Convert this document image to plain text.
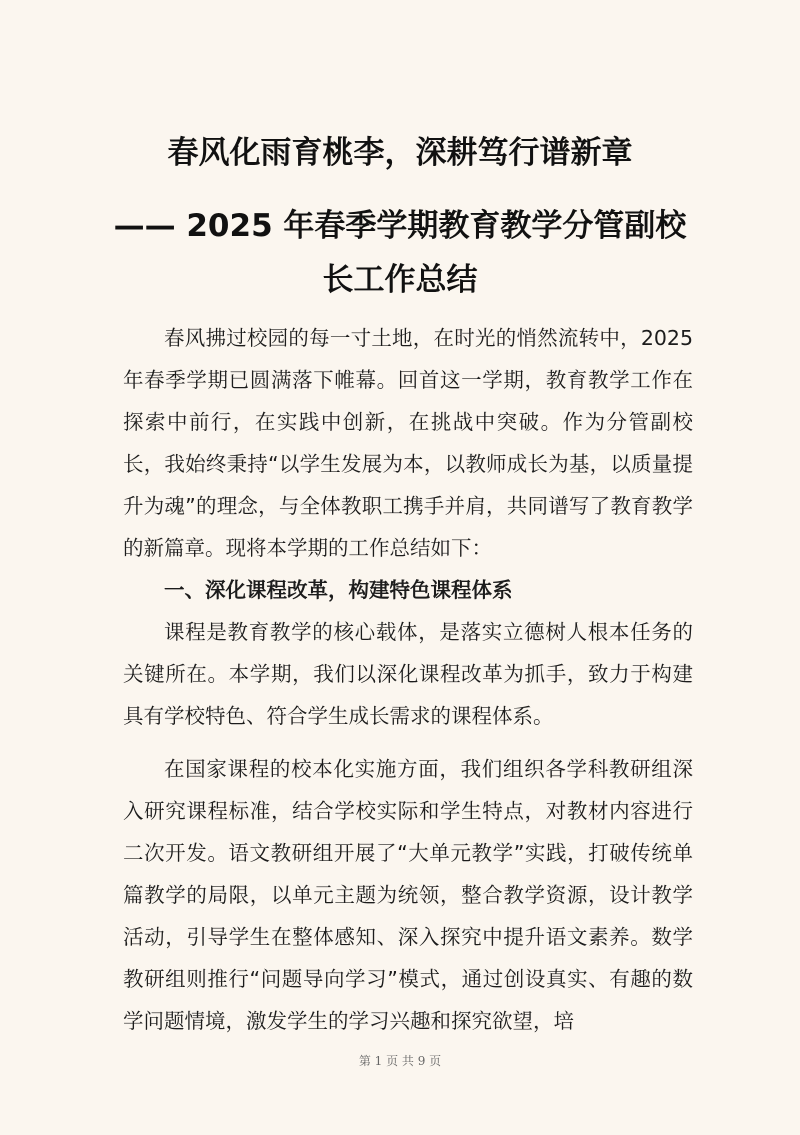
春风化雨育桃李，深耕笃行谱新章
—— 2025 年春季学期教育教学分管副校
长工作总结

春风拂过校园的每一寸土地，在时光的悄然流转中，2025 年春季学期已圆满落下帷幕。回首这一学期，教育教学工作在探索中前行，在实践中创新，在挑战中突破。作为分管副校长，我始终秉持“以学生发展为本，以教师成长为基，以质量提升为魂”的理念，与全体教职工携手并肩，共同谱写了教育教学的新篇章。现将本学期的工作总结如下：

一、深化课程改革，构建特色课程体系

课程是教育教学的核心载体，是落实立德树人根本任务的关键所在。本学期，我们以深化课程改革为抓手，致力于构建具有学校特色、符合学生成长需求的课程体系。

在国家课程的校本化实施方面，我们组织各学科教研组深入研究课程标准，结合学校实际和学生特点，对教材内容进行二次开发。语文教研组开展了“大单元教学”实践，打破传统单篇教学的局限，以单元主题为统领，整合教学资源，设计教学活动，引导学生在整体感知、深入探究中提升语文素养。数学教研组则推行“问题导向学习”模式，通过创设真实、有趣的数学问题情境，激发学生的学习兴趣和探究欲望，培

第 1 页 共 9 页
